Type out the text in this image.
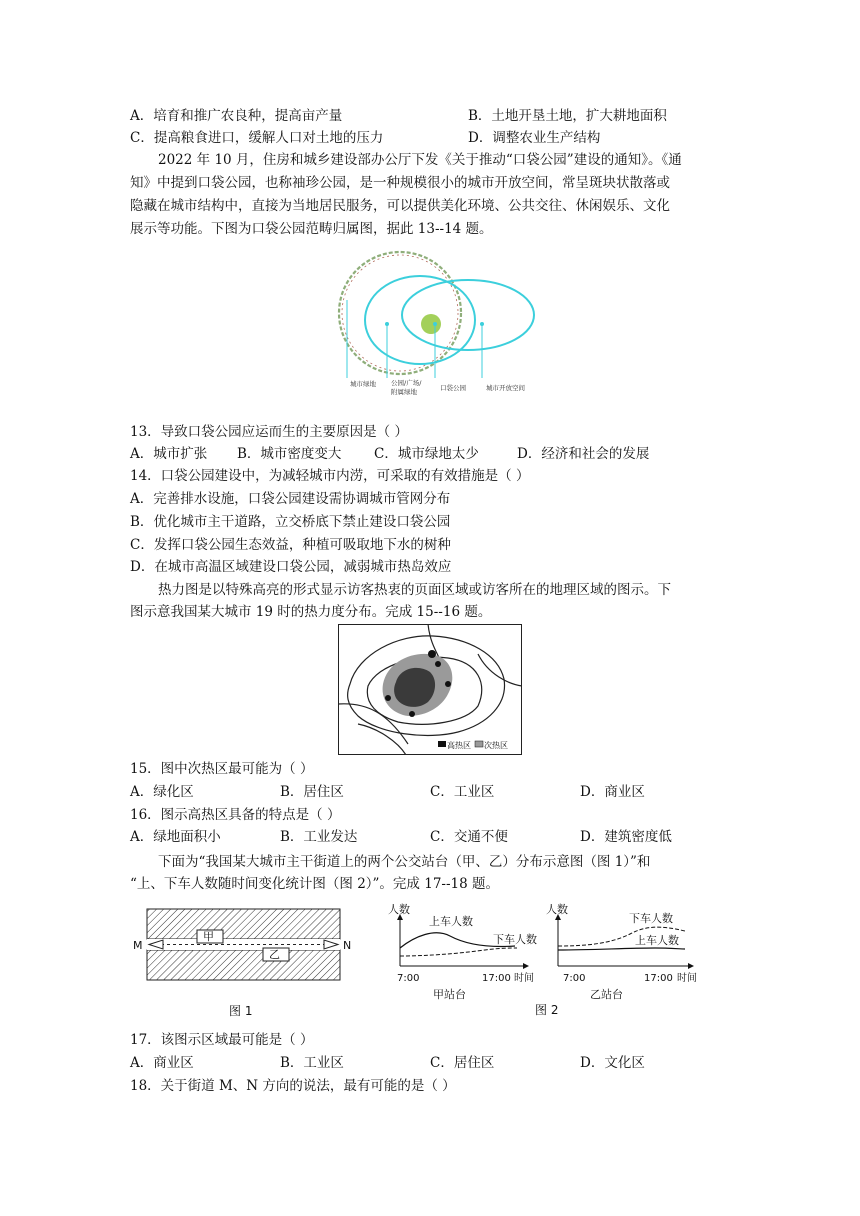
A．培育和推广农良种，提高亩产量	B．土地开垦土地，扩大耕地面积
C．提高粮食进口，缓解人口对土地的压力	D．调整农业生产结构
2022 年 10 月，住房和城乡建设部办公厅下发《关于推动“口袋公园”建设的通知》。《通
知》中提到口袋公园，也称袖珍公园，是一种规模很小的城市开放空间，常呈斑块状散落或
隐藏在城市结构中，直接为当地居民服务，可以提供美化环境、公共交往、休闲娱乐、文化
展示等功能。下图为口袋公园范畴归属图，据此 13--14 题。
城市绿地 公园/广场/
附属绿地	口袋公园	城市开放空间
13．导致口袋公园应运而生的主要原因是（ ）
A．城市扩张 B．城市密度变大 C．城市绿地太少	D．经济和社会的发展
14．口袋公园建设中，为减轻城市内涝，可采取的有效措施是（ ）
A．完善排水设施，口袋公园建设需协调城市管网分布
B．优化城市主干道路，立交桥底下禁止建设口袋公园
C．发挥口袋公园生态效益，种植可吸取地下水的树种
D．在城市高温区域建设口袋公园，减弱城市热岛效应
热力图是以特殊高亮的形式显示访客热衷的页面区域或访客所在的地理区域的图示。下
图示意我国某大城市 19 时的热力度分布。完成 15--16 题。
高热区 次热区
15．图中次热区最可能为（ ）
A．绿化区	B．居住区	C．工业区	D．商业区
16．图示高热区具备的特点是（ ）
A．绿地面积小	B．工业发达	C．交通不便	D．建筑密度低
下面为“我国某大城市主干街道上的两个公交站台（甲、乙）分布示意图（图 1）”和
“上、下车人数随时间变化统计图（图 2）”。完成 17--18 题。
甲
乙
M	N
图 1
人数
上车人数
下车人数
7:00	17:00 时间
甲站台
人数
下车人数
上车人数
7:00	17:00 时间
乙站台
图 2
17．该图示区域最可能是（ ）
A．商业区	B．工业区	C．居住区	D．文化区
18．关于街道 M、N 方向的说法，最有可能的是（ ）
